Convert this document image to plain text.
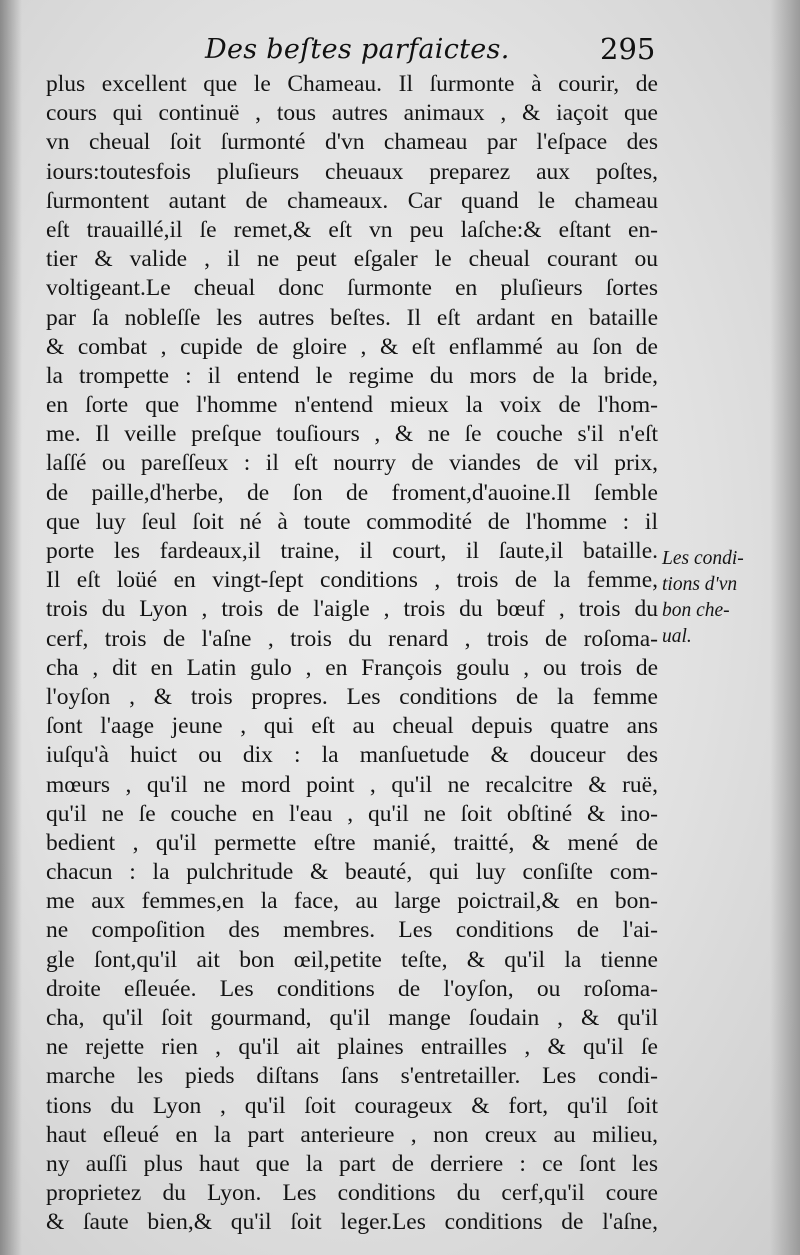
Des beſtes parfaictes.	295
plus excellent que le Chameau. Il ſurmonte à courir, de
cours qui continuë , tous autres animaux , & iaçoit que
vn cheual ſoit ſurmonté d'vn chameau par l'eſpace des
iours:toutesfois pluſieurs cheuaux preparez aux poſtes,
ſurmontent autant de chameaux. Car quand le chameau
eſt trauaillé,il ſe remet,& eſt vn peu laſche:& eſtant en-
tier & valide , il ne peut eſgaler le cheual courant ou
voltigeant.Le cheual donc ſurmonte en pluſieurs ſortes
par ſa nobleſſe les autres beſtes. Il eſt ardant en bataille
& combat , cupide de gloire , & eſt enflammé au ſon de
la trompette : il entend le regime du mors de la bride,
en ſorte que l'homme n'entend mieux la voix de l'hom-
me. Il veille preſque touſiours , & ne ſe couche s'il n'eſt
laſſé ou pareſſeux : il eſt nourry de viandes de vil prix,
de paille,d'herbe, de ſon de froment,d'auoine.Il ſemble
que luy ſeul ſoit né à toute commodité de l'homme : il
porte les fardeaux,il traine, il court, il ſaute,il bataille.
Il eſt loüé en vingt-ſept conditions , trois de la femme,
trois du Lyon , trois de l'aigle , trois du bœuf , trois du
cerf, trois de l'aſne , trois du renard , trois de roſoma-
cha , dit en Latin gulo , en François goulu , ou trois de
l'oyſon , & trois propres. Les conditions de la femme
ſont l'aage jeune , qui eſt au cheual depuis quatre ans
iuſqu'à huict ou dix : la manſuetude & douceur des
mœurs , qu'il ne mord point , qu'il ne recalcitre & ruë,
qu'il ne ſe couche en l'eau , qu'il ne ſoit obſtiné & ino-
bedient , qu'il permette eſtre manié, traitté, & mené de
chacun : la pulchritude & beauté, qui luy conſiſte com-
me aux femmes,en la face, au large poictrail,& en bon-
ne compoſition des membres. Les conditions de l'ai-
gle ſont,qu'il ait bon œil,petite teſte, & qu'il la tienne
droite eſleuée. Les conditions de l'oyſon, ou roſoma-
cha, qu'il ſoit gourmand, qu'il mange ſoudain , & qu'il
ne rejette rien , qu'il ait plaines entrailles , & qu'il ſe
marche les pieds diſtans ſans s'entretailler. Les condi-
tions du Lyon , qu'il ſoit courageux & fort, qu'il ſoit
haut eſleué en la part anterieure , non creux au milieu,
ny auſſi plus haut que la part de derriere : ce ſont les
proprietez du Lyon. Les conditions du cerf,qu'il coure
& ſaute bien,& qu'il ſoit leger.Les conditions de l'aſne,
Les condi-
tions d'vn
bon che-
ual.
